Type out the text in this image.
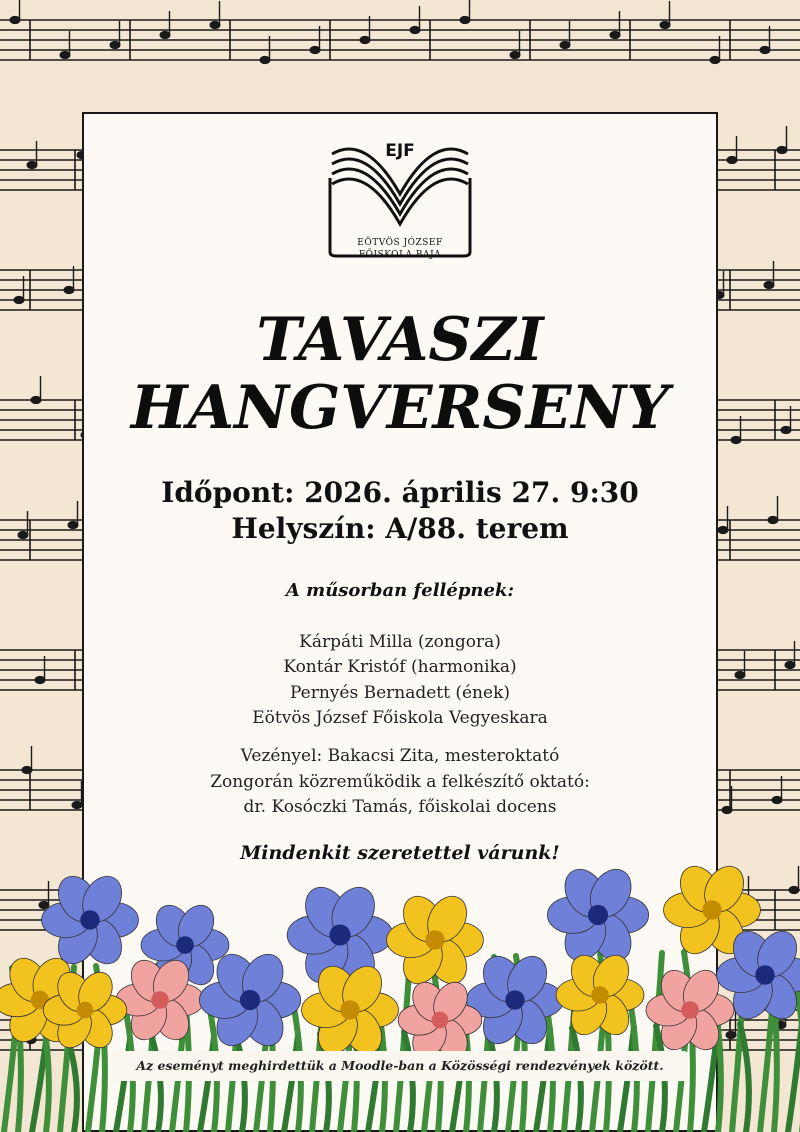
EJF
EÖTVÖS JÓZSEF
FŐISKOLA BAJA
TAVASZI
HANGVERSENY
Időpont: 2026. április 27. 9:30
Helyszín: A/88. terem
A műsorban fellépnek:
Kárpáti Milla (zongora)
Kontár Kristóf (harmonika)
Pernyés Bernadett (ének)
Eötvös József Főiskola Vegyeskara
Vezényel: Bakacsi Zita, mesteroktató
Zongorán közreműködik a felkészítő oktató:
dr. Kosóczki Tamás, főiskolai docens
Mindenkit szeretettel várunk!
Az eseményt meghirdettük a Moodle-ban a Közösségi rendezvények között.
